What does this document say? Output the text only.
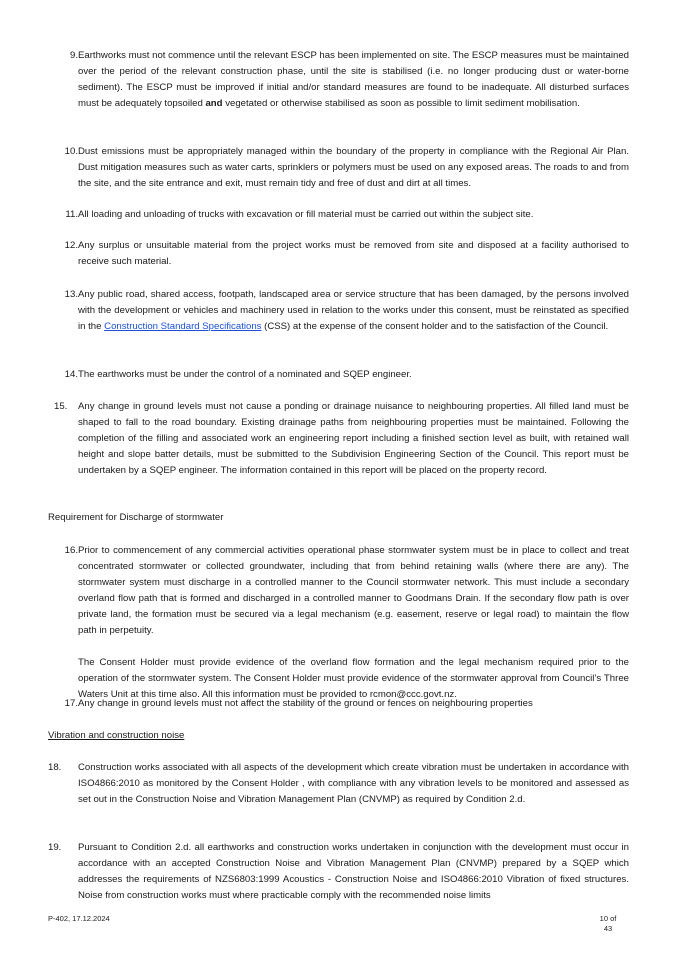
9. Earthworks must not commence until the relevant ESCP has been implemented on site. The ESCP measures must be maintained over the period of the relevant construction phase, until the site is stabilised (i.e. no longer producing dust or water-borne sediment). The ESCP must be improved if initial and/or standard measures are found to be inadequate. All disturbed surfaces must be adequately topsoiled and vegetated or otherwise stabilised as soon as possible to limit sediment mobilisation.
10. Dust emissions must be appropriately managed within the boundary of the property in compliance with the Regional Air Plan. Dust mitigation measures such as water carts, sprinklers or polymers must be used on any exposed areas. The roads to and from the site, and the site entrance and exit, must remain tidy and free of dust and dirt at all times.
11. All loading and unloading of trucks with excavation or fill material must be carried out within the subject site.
12. Any surplus or unsuitable material from the project works must be removed from site and disposed at a facility authorised to receive such material.
13. Any public road, shared access, footpath, landscaped area or service structure that has been damaged, by the persons involved with the development or vehicles and machinery used in relation to the works under this consent, must be reinstated as specified in the Construction Standard Specifications (CSS) at the expense of the consent holder and to the satisfaction of the Council.
14. The earthworks must be under the control of a nominated and SQEP engineer.
15.	Any change in ground levels must not cause a ponding or drainage nuisance to neighbouring properties. All filled land must be shaped to fall to the road boundary. Existing drainage paths from neighbouring properties must be maintained. Following the completion of the filling and associated work an engineering report including a finished section level as built, with retained wall height and slope batter details, must be submitted to the Subdivision Engineering Section of the Council. This report must be undertaken by a SQEP engineer. The information contained in this report will be placed on the property record.
Requirement for Discharge of stormwater
16. Prior to commencement of any commercial activities operational phase stormwater system must be in place to collect and treat concentrated stormwater or collected groundwater, including that from behind retaining walls (where there are any). The stormwater system must discharge in a controlled manner to the Council stormwater network. This must include a secondary overland flow path that is formed and discharged in a controlled manner to Goodmans Drain. If the secondary flow path is over private land, the formation must be secured via a legal mechanism (e.g. easement, reserve or legal road) to maintain the flow path in perpetuity.

The Consent Holder must provide evidence of the overland flow formation and the legal mechanism required prior to the operation of the stormwater system. The Consent Holder must provide evidence of the stormwater approval from Council’s Three Waters Unit at this time also. All this information must be provided to rcmon@ccc.govt.nz.

17. Any change in ground levels must not affect the stability of the ground or fences on neighbouring properties
Vibration and construction noise
18.	Construction works associated with all aspects of the development which create vibration must be undertaken in accordance with ISO4866:2010 as monitored by the Consent Holder , with compliance with any vibration levels to be monitored and assessed as set out in the Construction Noise and Vibration Management Plan (CNVMP) as required by Condition 2.d.
19.	Pursuant to Condition 2.d. all earthworks and construction works undertaken in conjunction with the development must occur in accordance with an accepted Construction Noise and Vibration Management Plan (CNVMP) prepared by a SQEP which addresses the requirements of NZS6803:1999 Acoustics - Construction Noise and ISO4866:2010 Vibration of fixed structures. Noise from construction works must where practicable comply with the recommended noise limits
P-402, 17.12.2024	10 of
43
